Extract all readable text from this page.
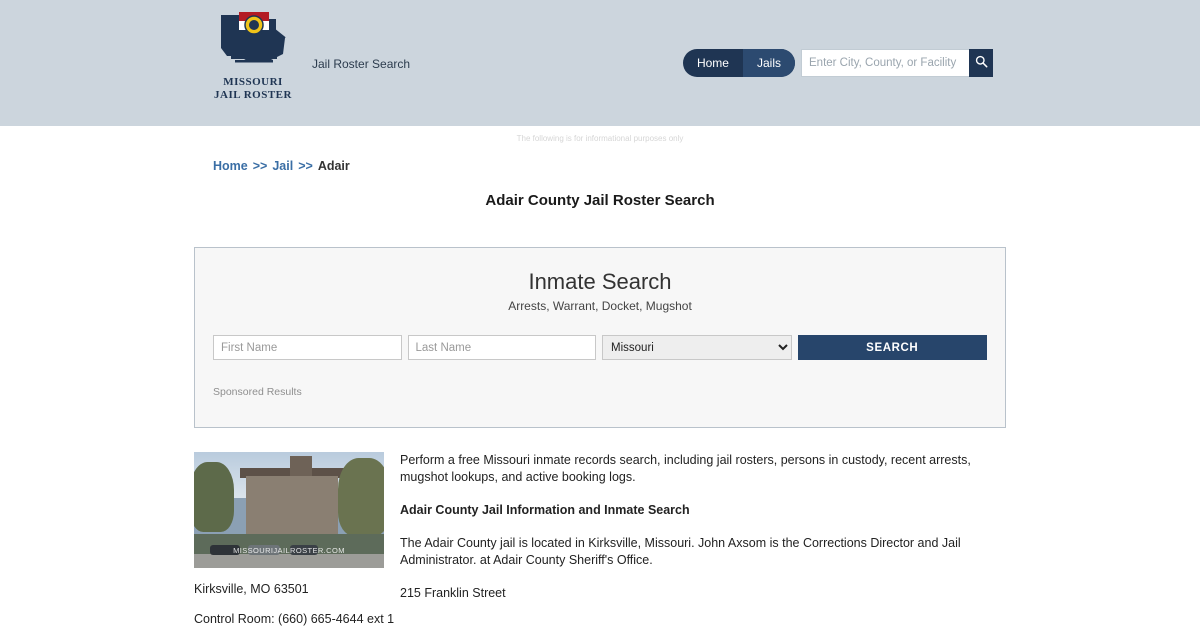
MISSOURI
JAIL ROSTER
Jail Roster Search	Home	Jails
Enter City, County, or Facility
The following is for informational purposes only
Home >> Jail >> Adair
Adair County Jail Roster Search
Inmate Search
Arrests, Warrant, Docket, Mugshot
First Name
Last Name
Missouri
SEARCH
Sponsored Results
MISSOURIJAILROSTER.COM
Kirksville, MO 63501
Control Room: (660) 665-4644 ext 1

Perform a free Missouri inmate records search, including jail rosters, persons in custody, recent arrests, mugshot lookups, and active booking logs.

Adair County Jail Information and Inmate Search

The Adair County jail is located in Kirksville, Missouri. John Axsom is the Corrections Director and Jail Administrator. at Adair County Sheriff's Office.

215 Franklin Street
